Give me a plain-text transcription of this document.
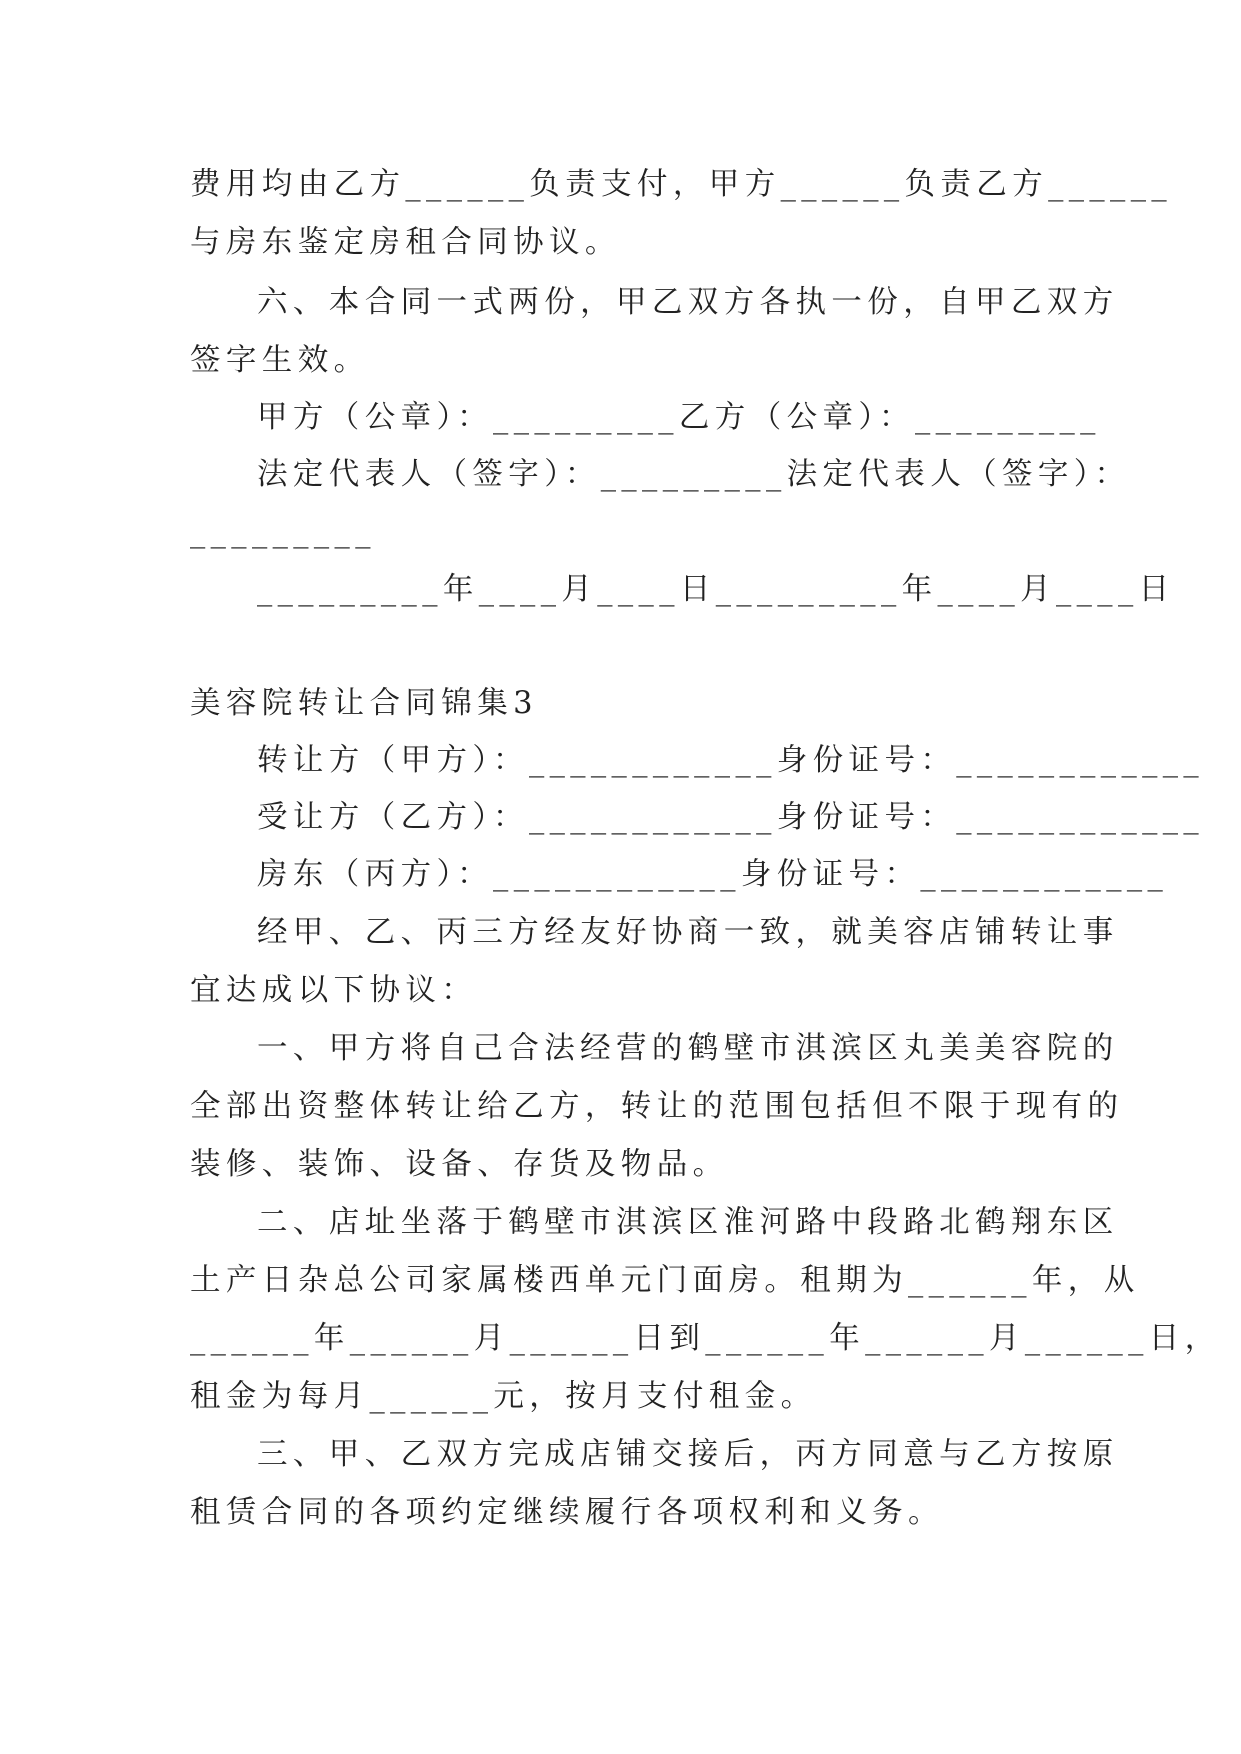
费用均由乙方______负责支付，甲方______负责乙方______
与房东鉴定房租合同协议。
六、本合同一式两份，甲乙双方各执一份，自甲乙双方
签字生效。
甲方（公章）：_________乙方（公章）：_________
法定代表人（签字）：_________法定代表人（签字）：
_________
_________年____月____日_________年____月____日
美容院转让合同锦集3
转让方（甲方）：____________身份证号：____________
受让方（乙方）：____________身份证号：____________
房东（丙方）：____________身份证号：____________
经甲、乙、丙三方经友好协商一致，就美容店铺转让事
宜达成以下协议：
一、甲方将自己合法经营的鹤壁市淇滨区丸美美容院的
全部出资整体转让给乙方，转让的范围包括但不限于现有的
装修、装饰、设备、存货及物品。
二、店址坐落于鹤壁市淇滨区淮河路中段路北鹤翔东区
土产日杂总公司家属楼西单元门面房。租期为______年，从
______年______月______日到______年______月______日，
租金为每月______元，按月支付租金。
三、甲、乙双方完成店铺交接后，丙方同意与乙方按原
租赁合同的各项约定继续履行各项权利和义务。
